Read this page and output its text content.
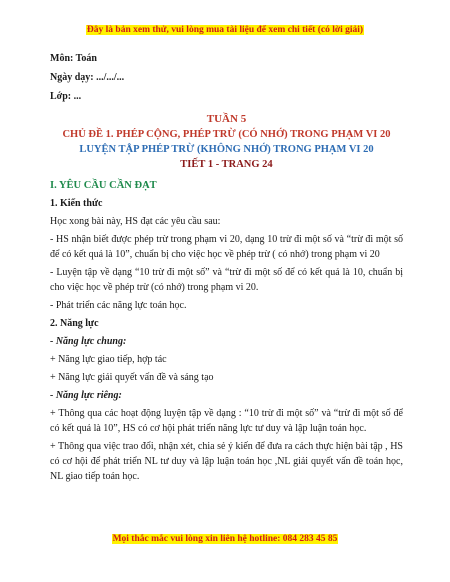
Đây là bản xem thử, vui lòng mua tài liệu để xem chi tiết (có lời giải)
Môn: Toán
Ngày dạy: .../.../...
Lớp: ...
TUẦN 5
CHỦ ĐỀ 1. PHÉP CỘNG, PHÉP TRỪ (CÓ NHỚ) TRONG PHẠM VI 20
LUYỆN TẬP PHÉP TRỪ (KHÔNG NHỚ) TRONG PHẠM VI 20
TIẾT 1 - TRANG 24
I. YÊU CẦU CẦN ĐẠT
1. Kiến thức
Học xong bài này, HS đạt các yêu cầu sau:
- HS nhận biết được phép trừ trong phạm vi 20, dạng 10 trừ đi một số và “trừ đi một số để có kết quả là 10”, chuẩn bị cho việc học về phép trừ ( có nhớ) trong phạm vi 20
- Luyện tập về dạng “10 trừ đi một số” và “trừ đi một số để có kết quả là 10, chuẩn bị cho việc học về phép trừ (có nhớ) trong phạm vi 20.
- Phát triển các năng lực toán học.
2. Năng lực
- Năng lực chung:
+ Năng lực giao tiếp, hợp tác
+ Năng lực giải quyết vấn đề và sáng tạo
- Năng lực riêng:
+ Thông qua các hoạt động luyện tập về dạng : “10 trừ đi một số” và “trừ đi một số để có kết quả là 10”, HS có cơ hội phát triển năng lực tư duy và lập luận toán học.
+ Thông qua việc trao đổi, nhận xét, chia sẻ ý kiến để đưa ra cách thực hiện bài tập , HS có cơ hội để phát triển NL tư duy và lập luận toán học ,NL giải quyết vấn đề toán học, NL giao tiếp toán học.
Mọi thắc mắc vui lòng xin liên hệ hotline: 084 283 45 85
